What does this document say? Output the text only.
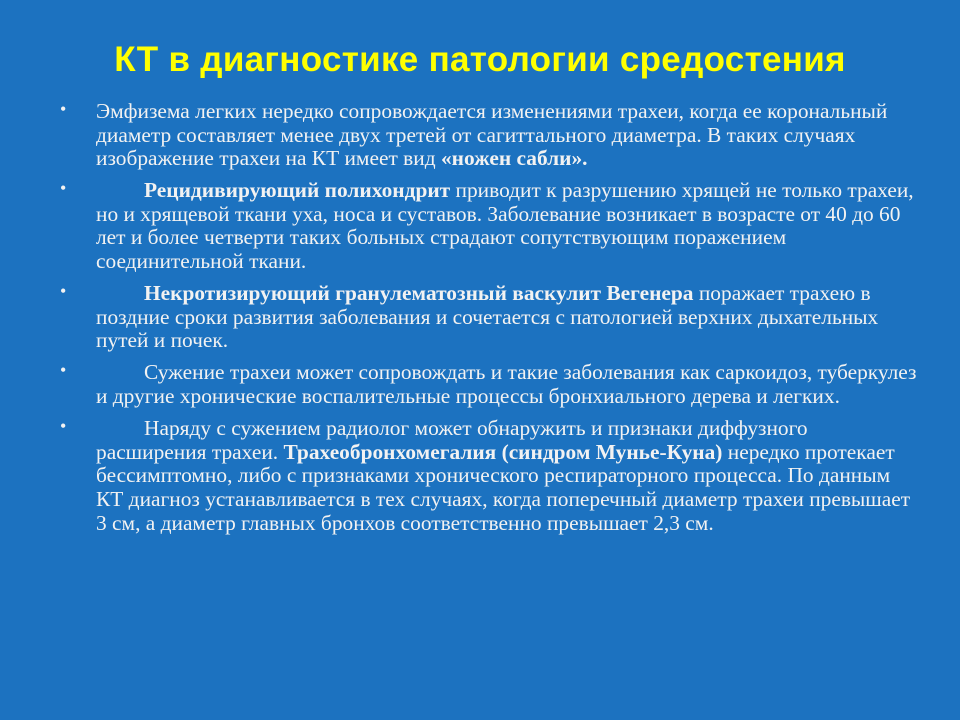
КТ в диагностике патологии средостения
• Эмфизема легких нередко сопровождается изменениями трахеи, когда ее корональный диаметр составляет менее двух третей от сагиттального диаметра. В таких случаях изображение трахеи на КТ имеет вид «ножен сабли».
•	Рецидивирующий полихондрит приводит к разрушению хрящей не только трахеи, но и хрящевой ткани уха, носа и суставов. Заболевание возникает в возрасте от 40 до 60 лет и более четверти таких больных страдают сопутствующим поражением соединительной ткани.
•	Некротизирующий гранулематозный васкулит Вегенера поражает трахею в поздние сроки развития заболевания и сочетается с патологией верхних дыхательных путей и почек.
•	Сужение трахеи может сопровождать и такие заболевания как саркоидоз, туберкулез и другие хронические воспалительные процессы бронхиального дерева и легких.
•	Наряду с сужением радиолог может обнаружить и признаки диффузного расширения трахеи. Трахеобронхомегалия (синдром Мунье-Куна) нередко протекает бессимптомно, либо с признаками хронического респираторного процесса. По данным КТ диагноз устанавливается в тех случаях, когда поперечный диаметр трахеи превышает 3 см, а диаметр главных бронхов соответственно превышает 2,3 см.
